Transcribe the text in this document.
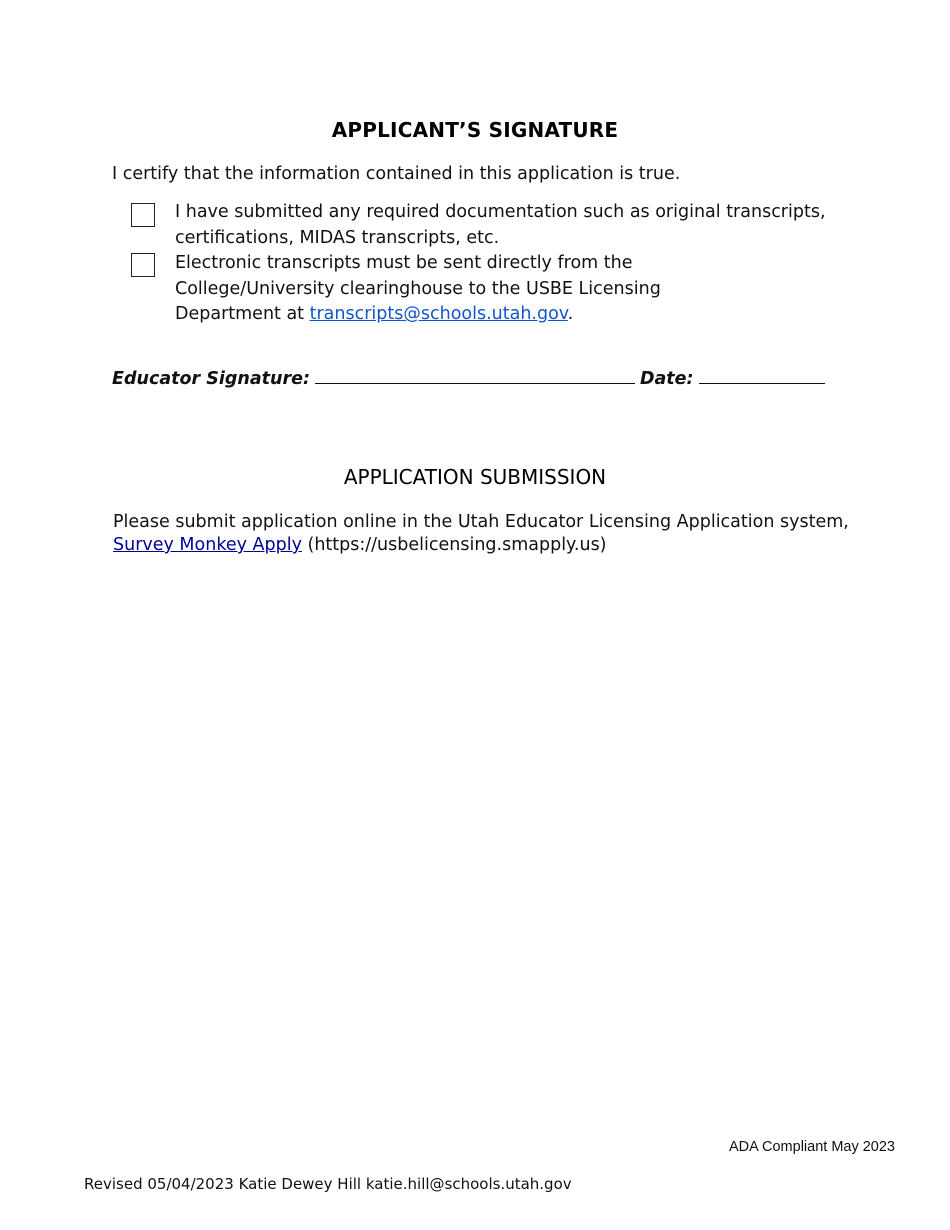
APPLICANT’S SIGNATURE
I certify that the information contained in this application is true.
I have submitted any required documentation such as original transcripts, certifications, MIDAS transcripts, etc.
Electronic transcripts must be sent directly from the College/University clearinghouse to the USBE Licensing Department at transcripts@schools.utah.gov.
Educator Signature:	Date:
APPLICATION SUBMISSION
Please submit application online in the Utah Educator Licensing Application system,
Survey Monkey Apply (https://usbelicensing.smapply.us)
ADA Compliant May 2023
Revised 05/04/2023 Katie Dewey Hill katie.hill@schools.utah.gov
